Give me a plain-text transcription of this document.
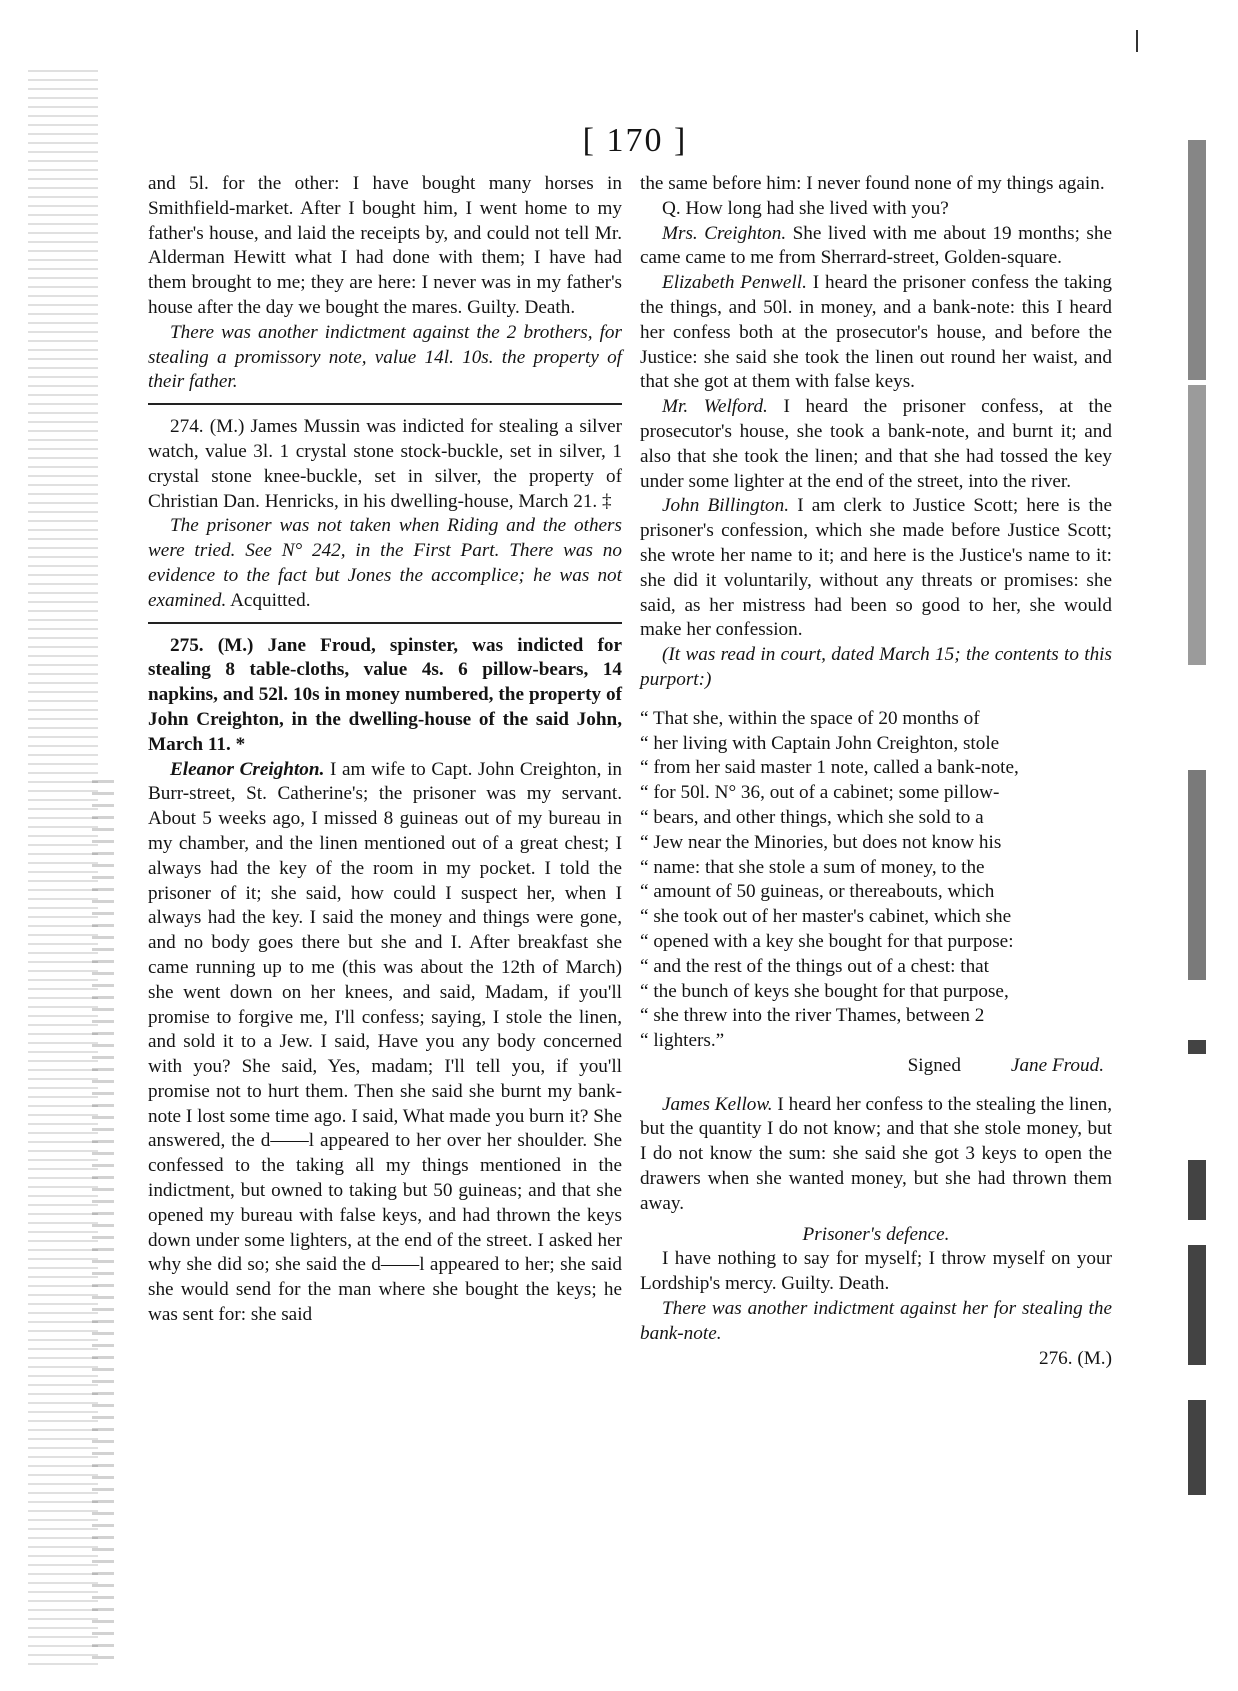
[ 170 ]

and 5l. for the other: I have bought many horses in Smithfield-market. After I bought him, I went home to my father's house, and laid the receipts by, and could not tell Mr. Alderman Hewitt what I had done with them; I have had them brought to me; they are here: I never was in my father's house after the day we bought the mares. Guilty. Death.

There was another indictment against the 2 brothers, for stealing a promissory note, value 14l. 10s. the property of their father.

274. (M.) James Mussin was indicted for stealing a silver watch, value 3l. 1 crystal stone stock-buckle, set in silver, 1 crystal stone knee-buckle, set in silver, the property of Christian Dan. Henricks, in his dwelling-house, March 21. ‡

The prisoner was not taken when Riding and the others were tried. See N° 242, in the First Part. There was no evidence to the fact but Jones the accomplice; he was not examined. Acquitted.

275. (M.) Jane Froud, spinster, was indicted for stealing 8 table-cloths, value 4s. 6 pillow-bears, 14 napkins, and 52l. 10s in money numbered, the property of John Creighton, in the dwelling-house of the said John, March 11. *

Eleanor Creighton. I am wife to Capt. John Creighton, in Burr-street, St. Catherine's; the prisoner was my servant. About 5 weeks ago, I missed 8 guineas out of my bureau in my chamber, and the linen mentioned out of a great chest; I always had the key of the room in my pocket. I told the prisoner of it; she said, how could I suspect her, when I always had the key. I said the money and things were gone, and no body goes there but she and I. After breakfast she came running up to me (this was about the 12th of March) she went down on her knees, and said, Madam, if you'll promise to forgive me, I'll confess; saying, I stole the linen, and sold it to a Jew. I said, Have you any body concerned with you? She said, Yes, madam; I'll tell you, if you'll promise not to hurt them. Then she said she burnt my bank-note I lost some time ago. I said, What made you burn it? She answered, the d——l appeared to her over her shoulder. She confessed to the taking all my things mentioned in the indictment, but owned to taking but 50 guineas; and that she opened my bureau with false keys, and had thrown the keys down under some lighters, at the end of the street. I asked her why she did so; she said the d——l appeared to her; she said she would send for the man where she bought the keys; he was sent for: she said

the same before him: I never found none of my things again.

Q. How long had she lived with you?

Mrs. Creighton. She lived with me about 19 months; she came came to me from Sherrard-street, Golden-square.

Elizabeth Penwell. I heard the prisoner confess the taking the things, and 50l. in money, and a bank-note: this I heard her confess both at the prosecutor's house, and before the Justice: she said she took the linen out round her waist, and that she got at them with false keys.

Mr. Welford. I heard the prisoner confess, at the prosecutor's house, she took a bank-note, and burnt it; and also that she took the linen; and that she had tossed the key under some lighter at the end of the street, into the river.

John Billington. I am clerk to Justice Scott; here is the prisoner's confession, which she made before Justice Scott; she wrote her name to it; and here is the Justice's name to it: she did it voluntarily, without any threats or promises: she said, as her mistress had been so good to her, she would make her confession.

(It was read in court, dated March 15; the contents to this purport:)

“ That she, within the space of 20 months of

“ her living with Captain John Creighton, stole

“ from her said master 1 note, called a bank-note,

“ for 50l. N° 36, out of a cabinet; some pillow-

“ bears, and other things, which she sold to a

“ Jew near the Minories, but does not know his

“ name: that she stole a sum of money, to the

“ amount of 50 guineas, or thereabouts, which

“ she took out of her master's cabinet, which she

“ opened with a key she bought for that purpose:

“ and the rest of the things out of a chest: that

“ the bunch of keys she bought for that purpose,

“ she threw into the river Thames, between 2

“ lighters.”

Signed	Jane Froud.

James Kellow. I heard her confess to the stealing the linen, but the quantity I do not know; and that she stole money, but I do not know the sum: she said she got 3 keys to open the drawers when she wanted money, but she had thrown them away.

Prisoner's defence.

I have nothing to say for myself; I throw myself on your Lordship's mercy. Guilty. Death.

There was another indictment against her for stealing the bank-note.

276. (M.)
